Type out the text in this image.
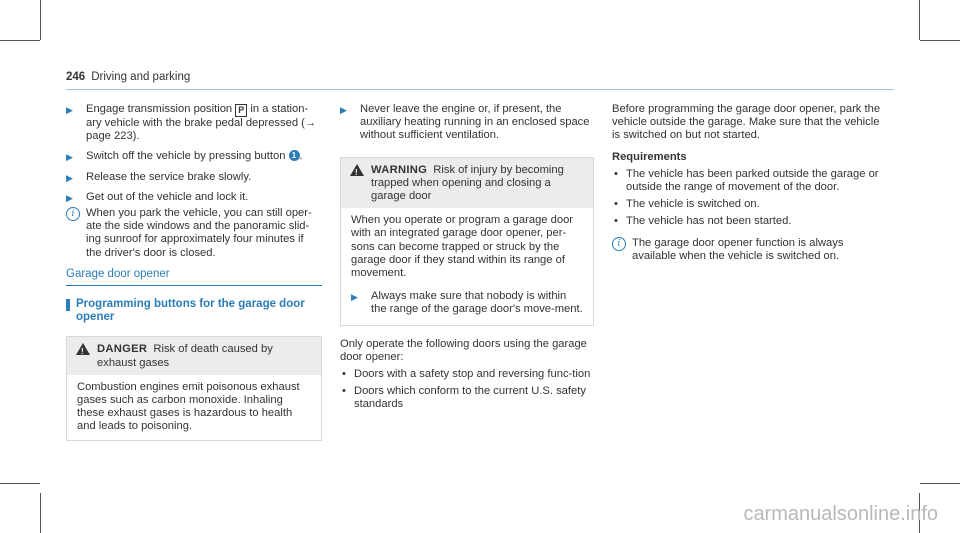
246 Driving and parking
▶ Engage transmission position P in a station-ary vehicle with the brake pedal depressed (→ page 223).
▶ Switch off the vehicle by pressing button 1 .
▶ Release the service brake slowly.
▶ Get out of the vehicle and lock it.
i	When you park the vehicle, you can still oper-ate the side windows and the panoramic slid-ing sunroof for approximately four minutes if the driver's door is closed.
Garage door opener
Programming buttons for the garage door opener
! DANGER Risk of death caused by exhaust gases
Combustion engines emit poisonous exhaust gases such as carbon monoxide. Inhaling these exhaust gases is hazardous to health and leads to poisoning.
▶ Never leave the engine or, if present, the auxiliary heating running in an enclosed space without sufficient ventilation.
! WARNING Risk of injury by becoming trapped when opening and closing a garage door
When you operate or program a garage door with an integrated garage door opener, per-sons can become trapped or struck by the garage door if they stand within its range of movement.
▶ Always make sure that nobody is within the range of the garage door's move-ment.
Only operate the following doors using the garage door opener:
• Doors with a safety stop and reversing func-tion
• Doors which conform to the current U.S. safety standards
Before programming the garage door opener, park the vehicle outside the garage. Make sure that the vehicle is switched on but not started.
Requirements
• The vehicle has been parked outside the garage or outside the range of movement of the door.
• The vehicle is switched on.
• The vehicle has not been started.
i	The garage door opener function is always available when the vehicle is switched on.
carmanualsonline.info
